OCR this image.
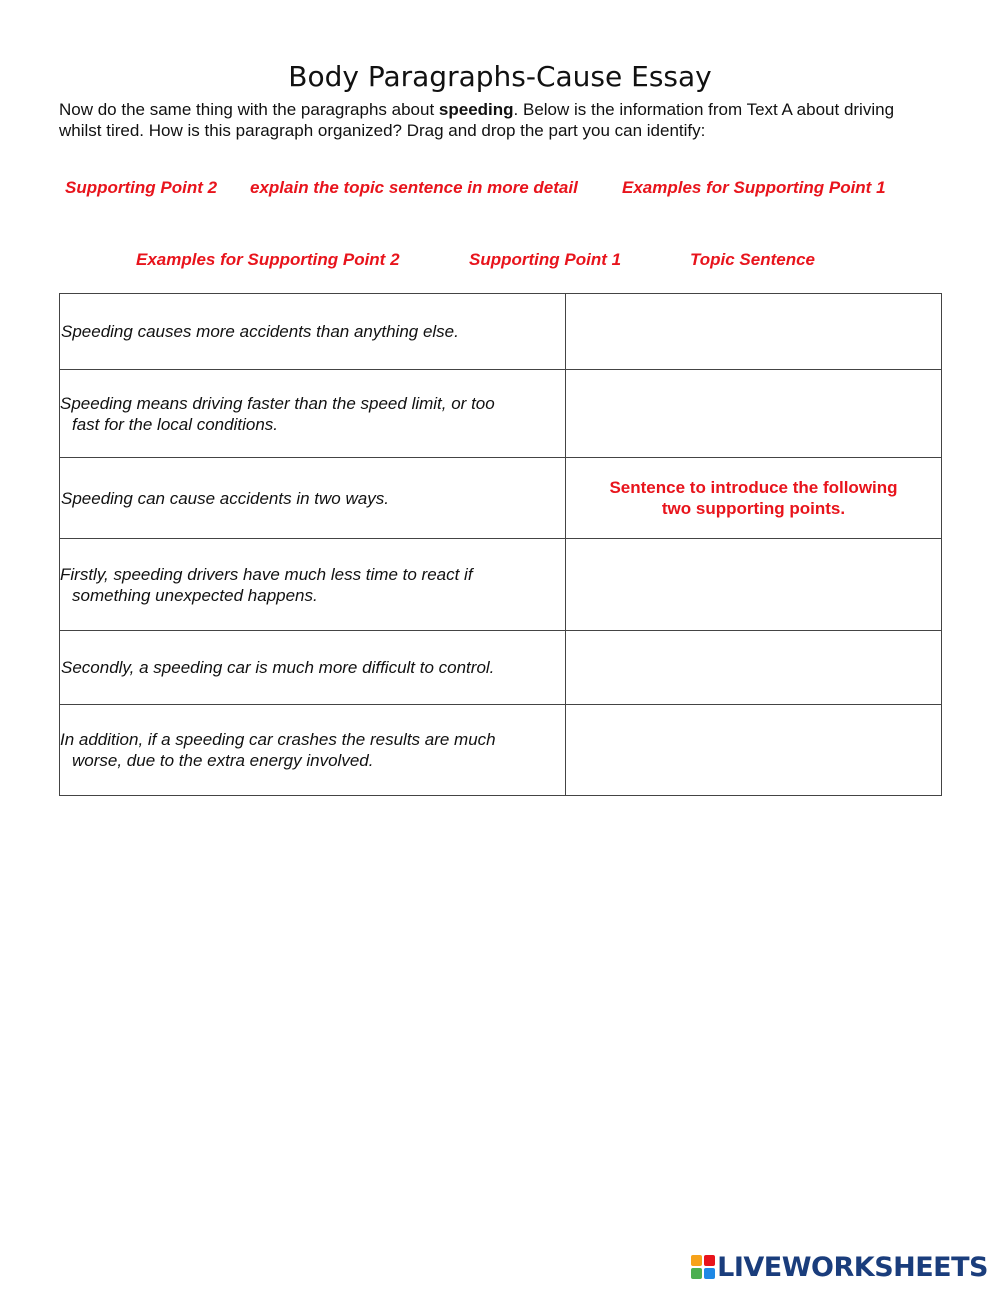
Body Paragraphs-Cause Essay
Now do the same thing with the paragraphs about speeding. Below is the information from Text A about driving whilst tired. How is this paragraph organized? Drag and drop the part you can identify:
Supporting Point 2 explain the topic sentence in more detail	Examples for Supporting Point 1
Examples for Supporting Point 2	Supporting Point 1	Topic Sentence
Speeding causes more accidents than anything else.	

Speeding means driving faster than the speed limit, or too fast for the local conditions.	

Speeding can cause accidents in two ways.	Sentence to introduce the following two supporting points.

Firstly, speeding drivers have much less time to react if something unexpected happens.	

Secondly, a speeding car is much more difficult to control.	

In addition, if a speeding car crashes the results are much worse, due to the extra energy involved.	

LIVEWORKSHEETS
